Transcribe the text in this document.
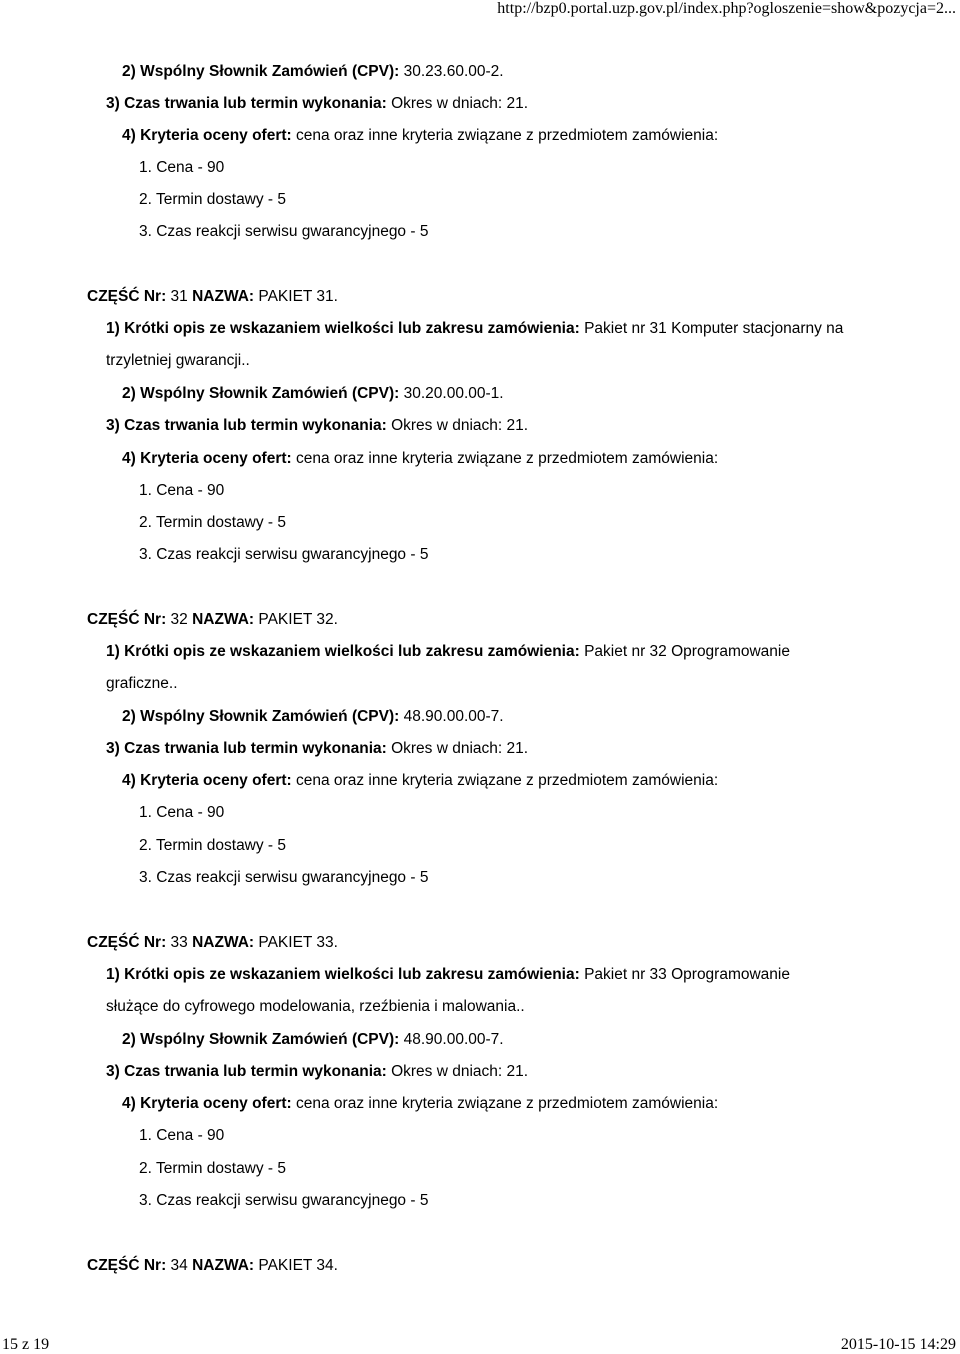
http://bzp0.portal.uzp.gov.pl/index.php?ogloszenie=show&pozycja=2...
2) Wspólny Słownik Zamówień (CPV): 30.23.60.00-2.
3) Czas trwania lub termin wykonania: Okres w dniach: 21.
4) Kryteria oceny ofert: cena oraz inne kryteria związane z przedmiotem zamówienia:
1. Cena - 90
2. Termin dostawy - 5
3. Czas reakcji serwisu gwarancyjnego - 5
CZĘŚĆ Nr: 31 NAZWA: PAKIET 31.
1) Krótki opis ze wskazaniem wielkości lub zakresu zamówienia: Pakiet nr 31 Komputer stacjonarny na
trzyletniej gwarancji..
2) Wspólny Słownik Zamówień (CPV): 30.20.00.00-1.
3) Czas trwania lub termin wykonania: Okres w dniach: 21.
4) Kryteria oceny ofert: cena oraz inne kryteria związane z przedmiotem zamówienia:
1. Cena - 90
2. Termin dostawy - 5
3. Czas reakcji serwisu gwarancyjnego - 5
CZĘŚĆ Nr: 32 NAZWA: PAKIET 32.
1) Krótki opis ze wskazaniem wielkości lub zakresu zamówienia: Pakiet nr 32 Oprogramowanie
graficzne..
2) Wspólny Słownik Zamówień (CPV): 48.90.00.00-7.
3) Czas trwania lub termin wykonania: Okres w dniach: 21.
4) Kryteria oceny ofert: cena oraz inne kryteria związane z przedmiotem zamówienia:
1. Cena - 90
2. Termin dostawy - 5
3. Czas reakcji serwisu gwarancyjnego - 5
CZĘŚĆ Nr: 33 NAZWA: PAKIET 33.
1) Krótki opis ze wskazaniem wielkości lub zakresu zamówienia: Pakiet nr 33 Oprogramowanie
służące do cyfrowego modelowania, rzeźbienia i malowania..
2) Wspólny Słownik Zamówień (CPV): 48.90.00.00-7.
3) Czas trwania lub termin wykonania: Okres w dniach: 21.
4) Kryteria oceny ofert: cena oraz inne kryteria związane z przedmiotem zamówienia:
1. Cena - 90
2. Termin dostawy - 5
3. Czas reakcji serwisu gwarancyjnego - 5
CZĘŚĆ Nr: 34 NAZWA: PAKIET 34.
15 z 19	2015-10-15 14:29
